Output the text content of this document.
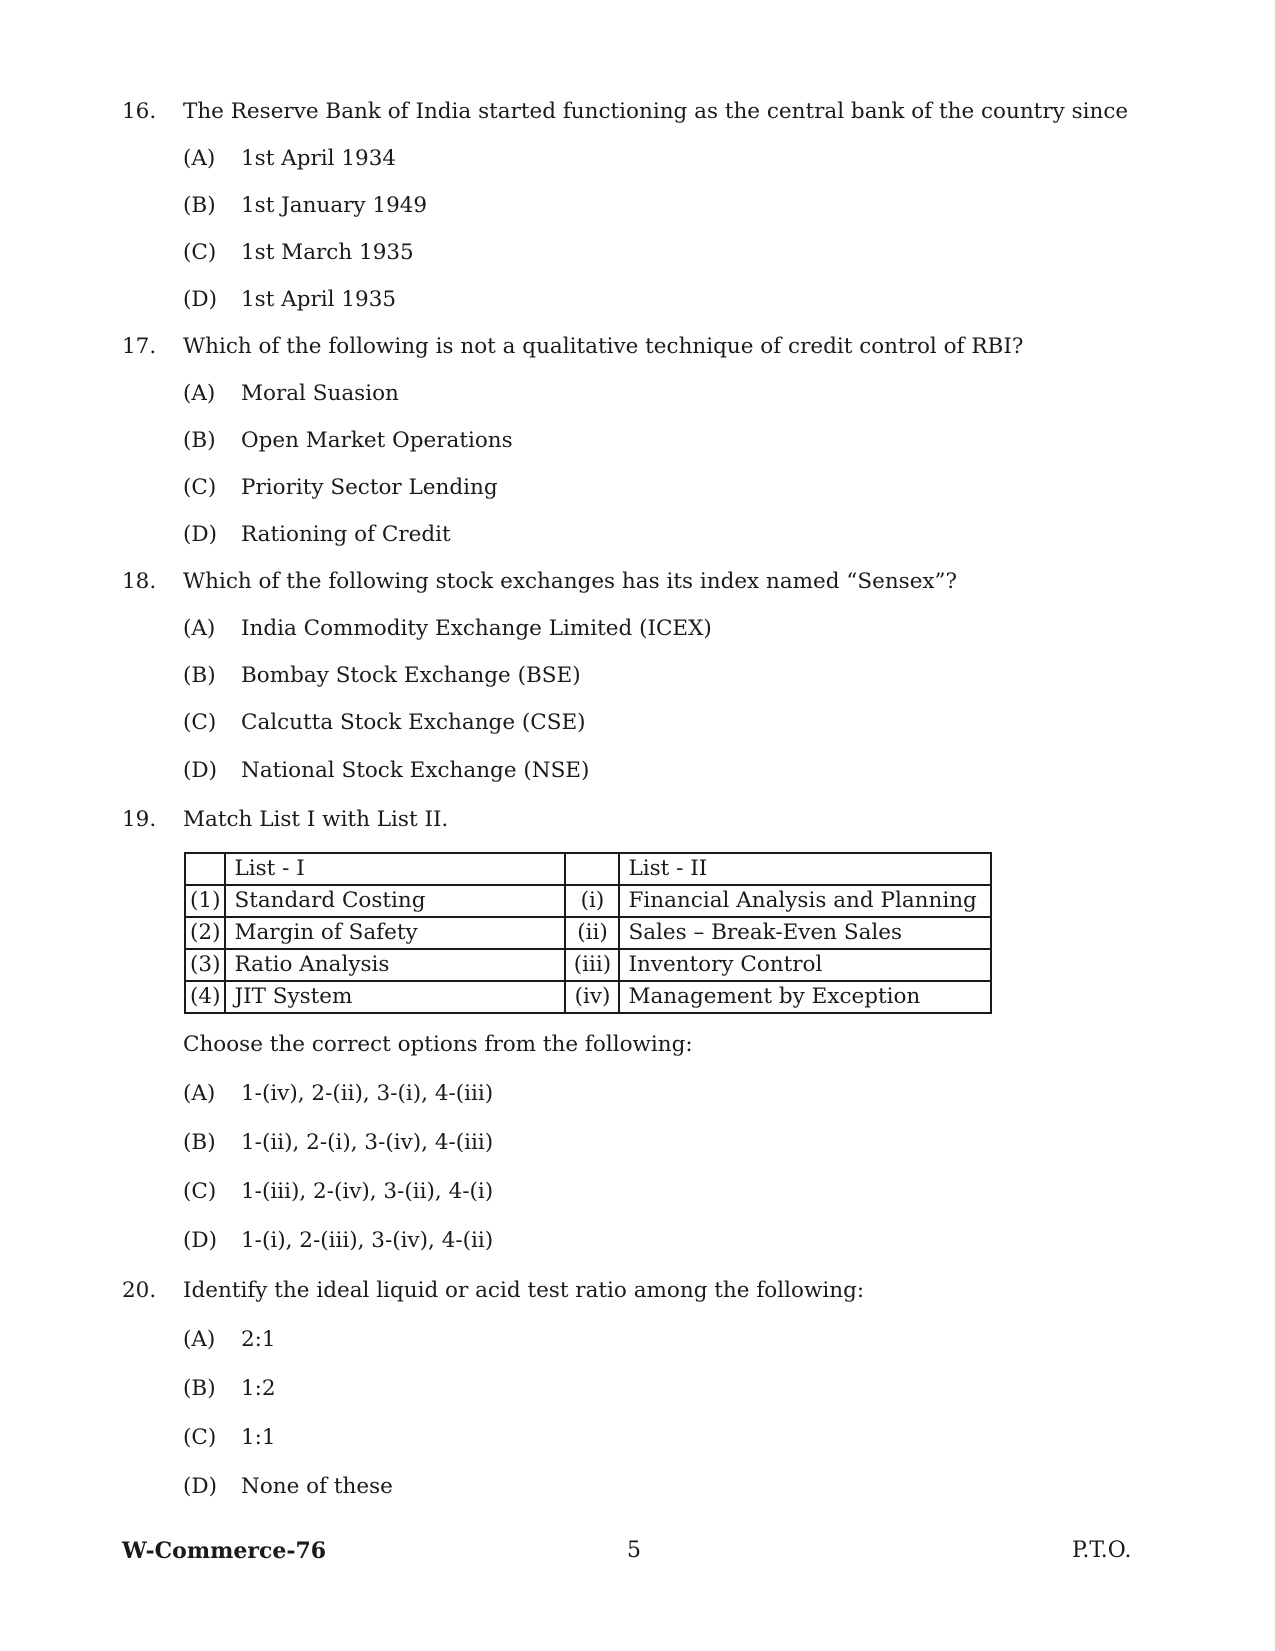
16. The Reserve Bank of India started functioning as the central bank of the country since
(A) 1st April 1934
(B) 1st January 1949
(C) 1st March 1935
(D) 1st April 1935
17. Which of the following is not a qualitative technique of credit control of RBI?
(A) Moral Suasion
(B) Open Market Operations
(C) Priority Sector Lending
(D) Rationing of Credit
18. Which of the following stock exchanges has its index named “Sensex”?
(A) India Commodity Exchange Limited (ICEX)
(B) Bombay Stock Exchange (BSE)
(C) Calcutta Stock Exchange (CSE)
(D) National Stock Exchange (NSE)
19. Match List I with List II.
	List - I		List - II
(1)	Standard Costing	(i)	Financial Analysis and Planning
(2)	Margin of Safety	(ii)	Sales – Break-Even Sales
(3)	Ratio Analysis	(iii)	Inventory Control
(4)	JIT System	(iv)	Management by Exception
Choose the correct options from the following:
(A) 1-(iv), 2-(ii), 3-(i), 4-(iii)
(B) 1-(ii), 2-(i), 3-(iv), 4-(iii)
(C) 1-(iii), 2-(iv), 3-(ii), 4-(i)
(D) 1-(i), 2-(iii), 3-(iv), 4-(ii)
20. Identify the ideal liquid or acid test ratio among the following:
(A) 2:1
(B) 1:2
(C) 1:1
(D) None of these
W-Commerce-76	5	P.T.O.
